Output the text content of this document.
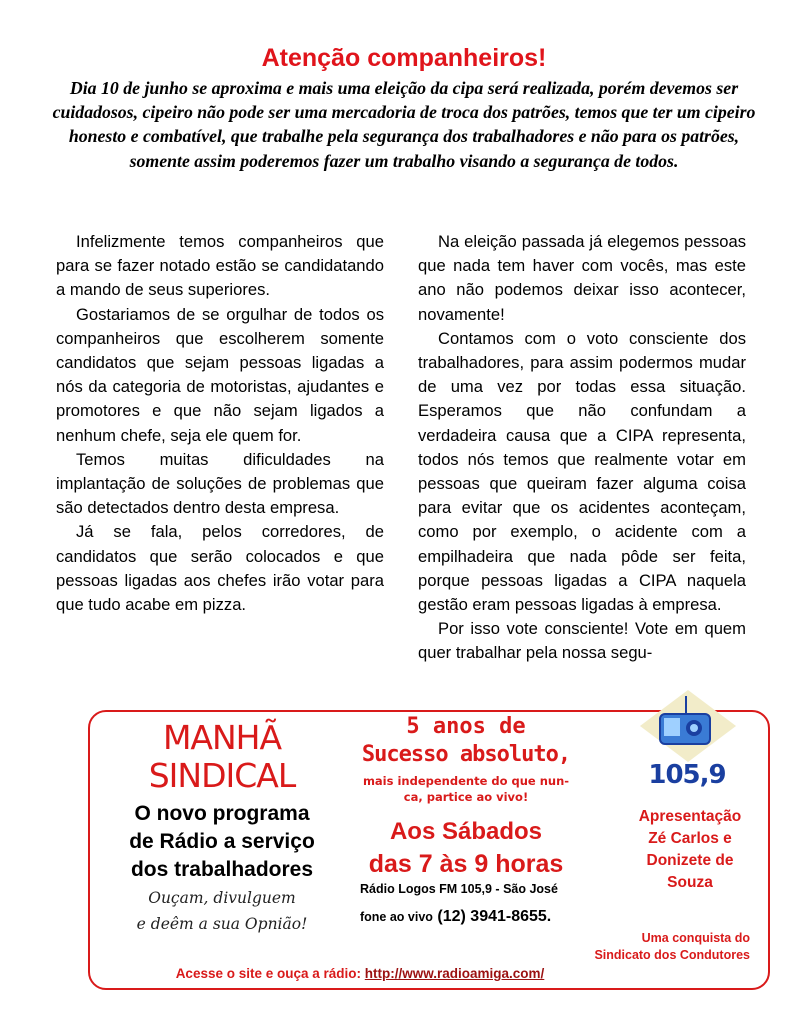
Atenção companheiros!
Dia 10 de junho se aproxima e mais uma eleição da cipa será realizada, porém devemos ser cuidadosos, cipeiro não pode ser uma mercadoria de troca dos patrões, temos que ter um cipeiro honesto e combatível, que trabalhe pela segurança dos trabalhadores e não para os patrões, somente assim poderemos fazer um trabalho visando a segurança de todos.

Infelizmente temos companheiros que para se fazer notado estão se candidatando a mando de seus superiores.

Gostariamos de se orgulhar de todos os companheiros que escolherem somente candidatos que sejam pessoas ligadas a nós da categoria de motoristas, ajudantes e promotores e que não sejam ligados a nenhum chefe, seja ele quem for.

Temos muitas dificuldades na implantação de soluções de problemas que são detectados dentro desta empresa.

Já se fala, pelos corredores, de candidatos que serão colocados e que pessoas ligadas aos chefes irão votar para que tudo acabe em pizza.

Na eleição passada já elegemos pessoas que nada tem haver com vocês, mas este ano não podemos deixar isso acontecer, novamente!

Contamos com o voto consciente dos trabalhadores, para assim podermos mudar de uma vez por todas essa situação. Esperamos que não confundam a verdadeira causa que a CIPA representa, todos nós temos que realmente votar em pessoas que queiram fazer alguma coisa para evitar que os acidentes aconteçam, como por exemplo, o acidente com a empilhadeira que nada pôde ser feita, porque pessoas ligadas a CIPA naquela gestão eram pessoas ligadas à empresa.

Por isso vote consciente! Vote em quem quer trabalhar pela nossa segu-

MANHÃ
SINDICAL
O novo programa
de Rádio a serviço
dos trabalhadores
Ouçam, divulguem
e deêm a sua Opnião!
5 anos de
Sucesso absoluto,
mais independente do que nun-
ca, partice ao vivo!
Aos Sábados
das 7 às 9 horas
Rádio Logos FM 105,9 - São José
fone ao vivo (12) 3941-8655.
105,9
Apresentação
Zé Carlos e
Donizete de
Souza
Uma conquista do
Sindicato dos Condutores
Acesse o site e ouça a rádio: http://www.radioamiga.com/
